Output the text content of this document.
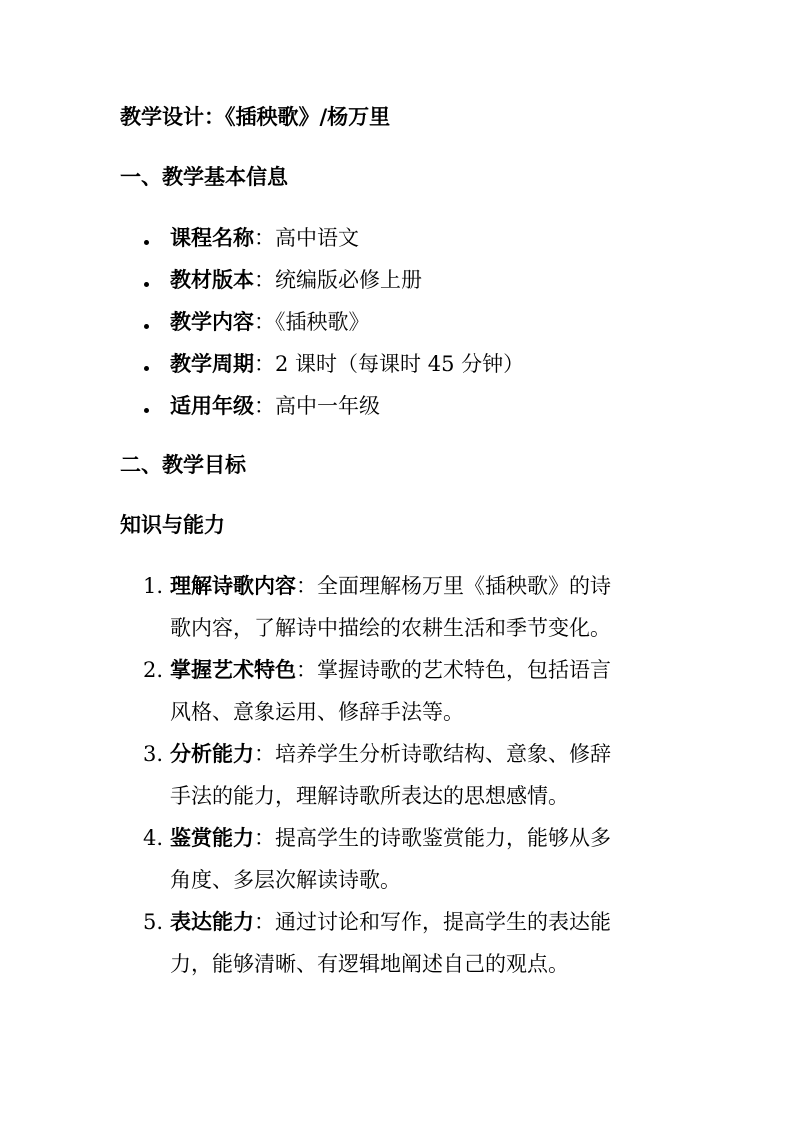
教学设计：《插秧歌》/杨万里
一、教学基本信息
课程名称：高中语文
教材版本：统编版必修上册
教学内容：《插秧歌》
教学周期：2 课时（每课时 45 分钟）
适用年级：高中一年级
二、教学目标
知识与能力
1. 理解诗歌内容：全面理解杨万里《插秧歌》的诗
歌内容，了解诗中描绘的农耕生活和季节变化。
2. 掌握艺术特色：掌握诗歌的艺术特色，包括语言
风格、意象运用、修辞手法等。
3. 分析能力：培养学生分析诗歌结构、意象、修辞
手法的能力，理解诗歌所表达的思想感情。
4. 鉴赏能力：提高学生的诗歌鉴赏能力，能够从多
角度、多层次解读诗歌。
5. 表达能力：通过讨论和写作，提高学生的表达能
力，能够清晰、有逻辑地阐述自己的观点。
